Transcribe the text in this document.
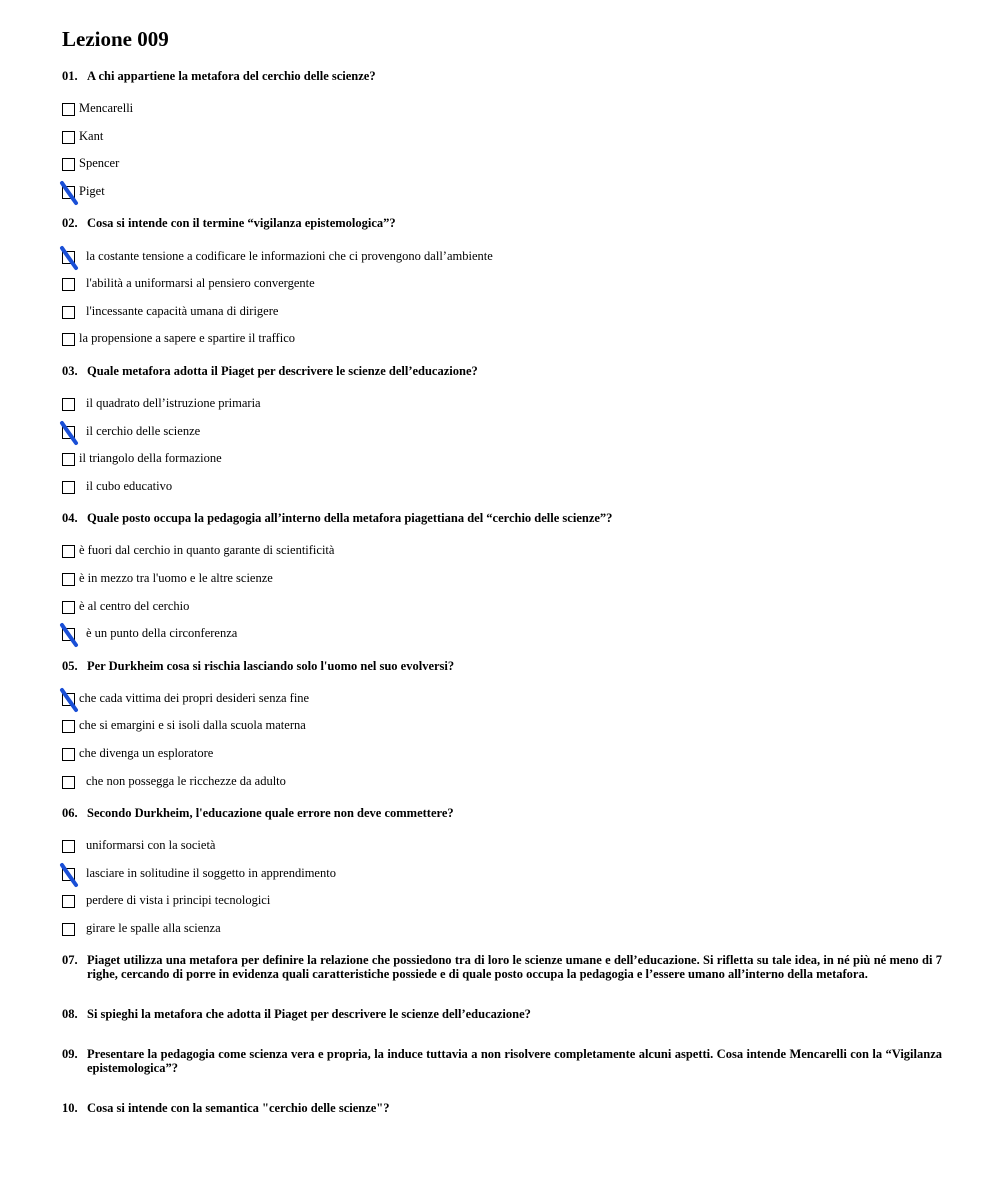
Lezione 009
01. A chi appartiene la metafora del cerchio delle scienze?
Mencarelli
Kant
Spencer
Piget
02. Cosa si intende con il termine “vigilanza epistemologica”?
la costante tensione a codificare le informazioni che ci provengono dall’ambiente
l'abilità a uniformarsi al pensiero convergente
l'incessante capacità umana di dirigere
la propensione a sapere e spartire il traffico
03. Quale metafora adotta il Piaget per descrivere le scienze dell’educazione?
il quadrato dell’istruzione primaria
il cerchio delle scienze
il triangolo della formazione
il cubo educativo
04. Quale posto occupa la pedagogia all’interno della metafora piagettiana del “cerchio delle scienze”?
è fuori dal cerchio in quanto garante di scientificità
è in mezzo tra l'uomo e le altre scienze
è al centro del cerchio
è un punto della circonferenza
05. Per Durkheim cosa si rischia lasciando solo l'uomo nel suo evolversi?
che cada vittima dei propri desideri senza fine
che si emargini e si isoli dalla scuola materna
che divenga un esploratore
che non possegga le ricchezze da adulto
06. Secondo Durkheim, l'educazione quale errore non deve commettere?
uniformarsi con la società
lasciare in solitudine il soggetto in apprendimento
perdere di vista i principi tecnologici
girare le spalle alla scienza
07. Piaget utilizza una metafora per definire la relazione che possiedono tra di loro le scienze umane e dell’educazione. Si rifletta su tale idea, in né più né meno di 7 righe, cercando di porre in evidenza quali caratteristiche possiede e di quale posto occupa la pedagogia e l’essere umano all’interno della metafora.
08. Si spieghi la metafora che adotta il Piaget per descrivere le scienze dell’educazione?
09. Presentare la pedagogia come scienza vera e propria, la induce tuttavia a non risolvere completamente alcuni aspetti. Cosa intende Mencarelli con la “Vigilanza epistemologica”?
10. Cosa si intende con la semantica "cerchio delle scienze"?
